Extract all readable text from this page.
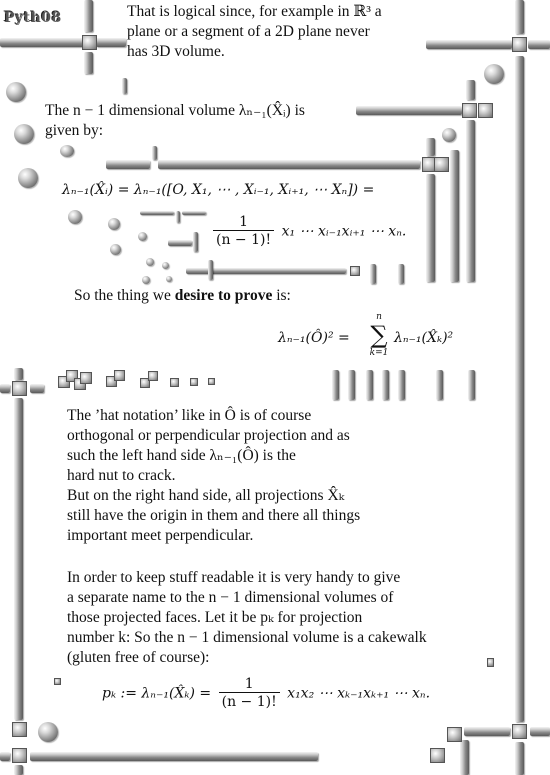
Pyth08	That is logical since, for example in ℝ³ a
plane or a segment of a 2D plane never
has 3D volume.
The n − 1 dimensional volume λₙ₋₁(X̂ᵢ) is
given by:
λₙ₋₁(X̂ᵢ) = λₙ₋₁([O, X₁, ⋯ , Xᵢ₋₁, Xᵢ₊₁, ⋯ Xₙ]) =
$\frac{1}{(n - 1)!} x_1$ ⋯ xᵢ₋₁xᵢ₊₁ ⋯ xₙ.
So the thing we desire to prove is:
λₙ₋₁(Ô)² =
n
∑
k=1
λₙ₋₁(X̂ₖ)²
The ’hat notation’ like in Ô is of course
orthogonal or perpendicular projection and as
such the left hand side λₙ₋₁(Ô) is the
hard nut to crack.
But on the right hand side, all projections X̂ₖ
still have the origin in them and there all things
important meet perpendicular.
In order to keep stuff readable it is very handy to give
a separate name to the n − 1 dimensional volumes of
those projected faces. Let it be pₖ for projection
number k: So the n − 1 dimensional volume is a cakewalk
(gluten free of course):
pₖ := λₙ₋₁(X̂ₖ) = $\frac{1}{(n - 1)!} x_1x_2$ ⋯ xₖ₋₁xₖ₊₁ ⋯ xₙ.
